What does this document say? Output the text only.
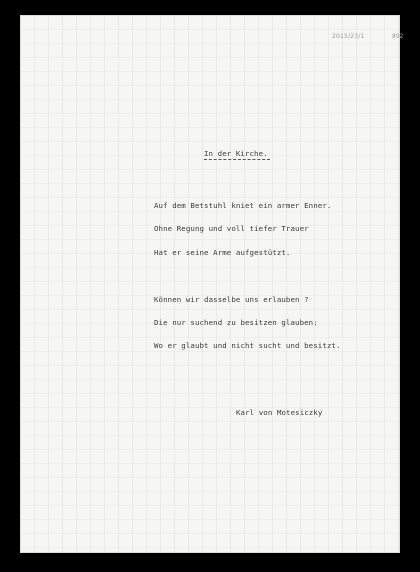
2015/23/1	892
In der Kirche.
Auf dem Betstuhl kniet ein armer Enner.
Ohne Regung und voll tiefer Trauer
Hat er seine Arme aufgestützt.
Können wir dasselbe uns erlauben ?
Die nur suchend zu besitzen glauben:
Wo er glaubt und nicht sucht und besitzt.
Karl von Motesiczky
